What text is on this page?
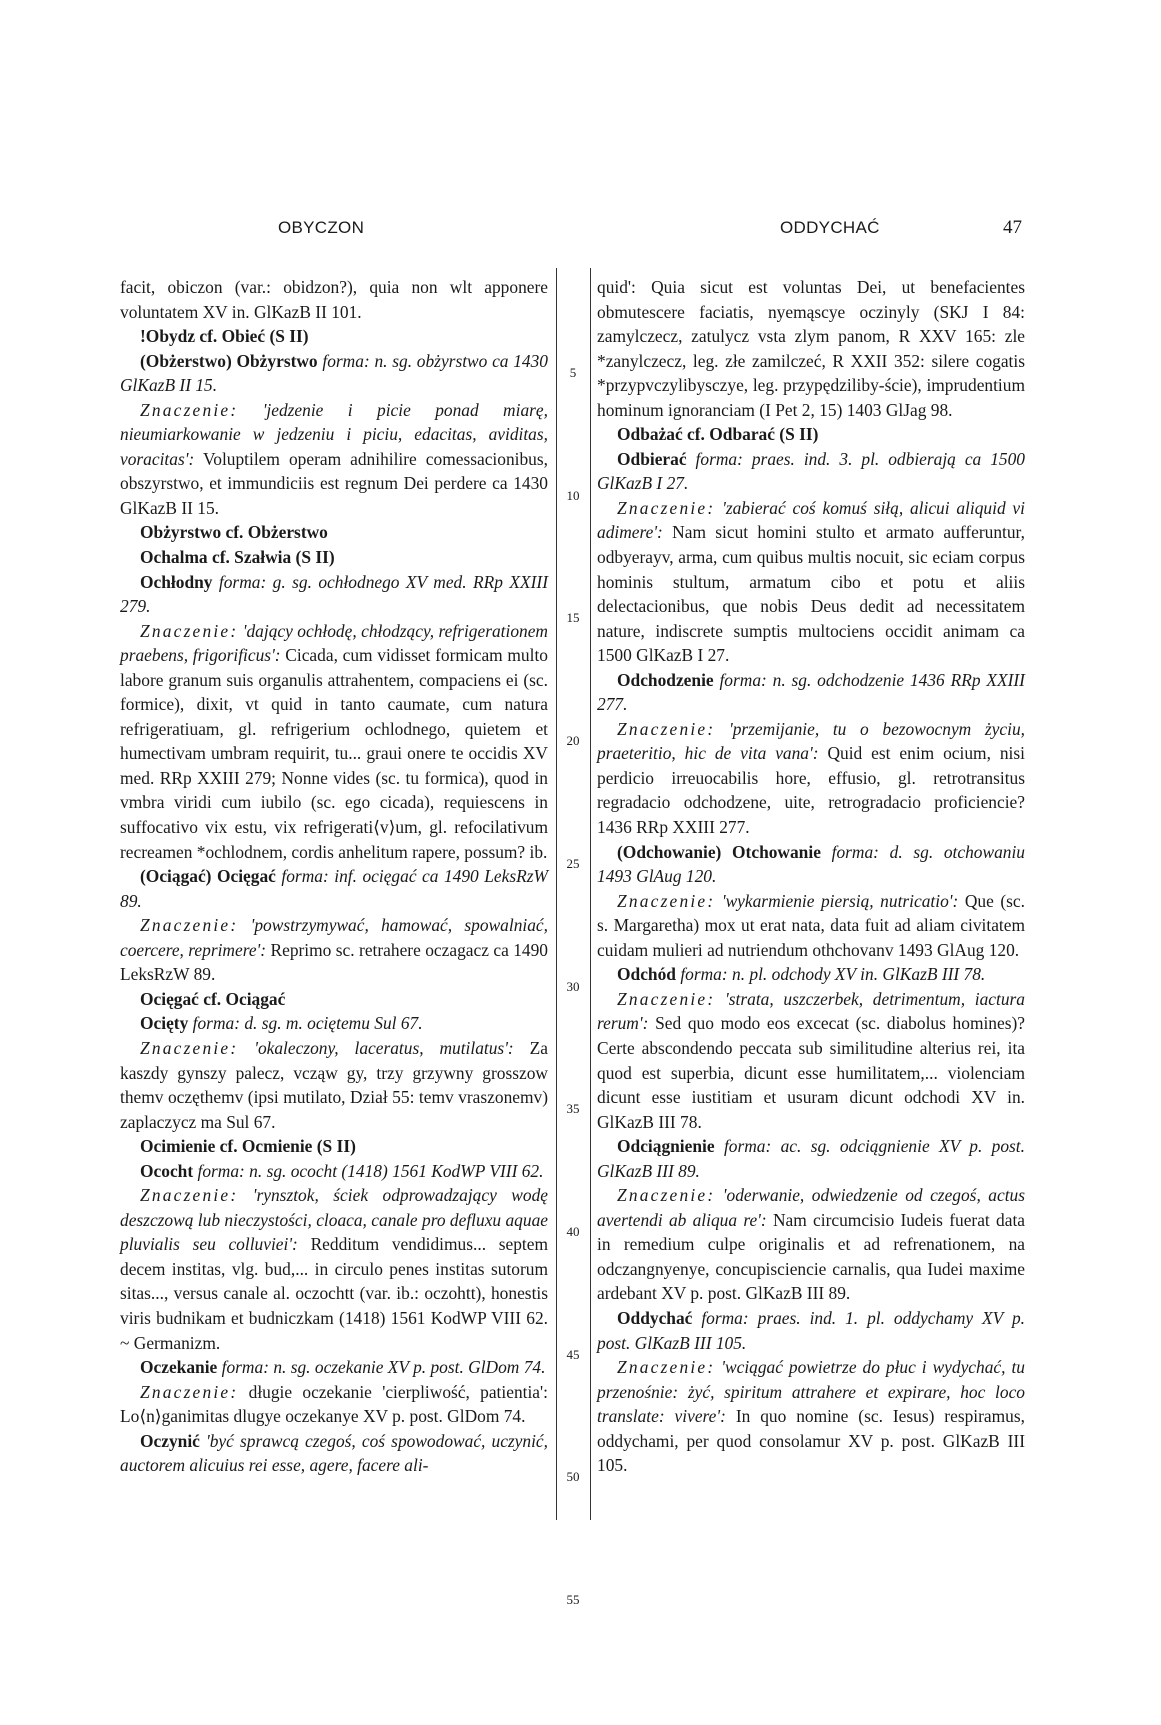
OBYCZON	ODDYCHAĆ	47
5
10
15
20
25
30
35
40
45
50
55

facit, obiczon (var.: obidzon?), quia non wlt apponere voluntatem XV in. GlKazB II 101.

!Obydz cf. Obieć (S II)

(Obżerstwo) Obżyrstwo forma: n. sg. obżyrstwo ca 1430 GlKazB II 15.

Znaczenie: 'jedzenie i picie ponad miarę, nieumiarkowanie w jedzeniu i piciu, edacitas, aviditas, voracitas': Voluptilem operam adnihilire comessacionibus, obszyrstwo, et immundiciis est regnum Dei perdere ca 1430 GlKazB II 15.

Obżyrstwo cf. Obżerstwo

Ochalma cf. Szałwia (S II)

Ochłodny forma: g. sg. ochłodnego XV med. RRp XXIII 279.

Znaczenie: 'dający ochłodę, chłodzący, refrigerationem praebens, frigorificus': Cicada, cum vidisset formicam multo labore granum suis organulis attrahentem, compaciens ei (sc. formice), dixit, vt quid in tanto caumate, cum natura refrigeratiuam, gl. refrigerium ochlodnego, quietem et humectivam umbram requirit, tu... graui onere te occidis XV med. RRp XXIII 279; Nonne vides (sc. tu formica), quod in vmbra viridi cum iubilo (sc. ego cicada), requiescens in suffocativo vix estu, vix refrigerati⟨v⟩um, gl. refocilativum recreamen *ochlodnem, cordis anhelitum rapere, possum? ib.

(Ociągać) Ocięgać forma: inf. ocięgać ca 1490 LeksRzW 89.

Znaczenie: 'powstrzymywać, hamować, spowalniać, coercere, reprimere': Reprimo sc. retrahere oczagacz ca 1490 LeksRzW 89.

Ocięgać cf. Ociągać

Ocięty forma: d. sg. m. ociętemu Sul 67.

Znaczenie: 'okaleczony, laceratus, mutilatus': Za kaszdy gynszy palecz, vcząw gy, trzy grzywny grosszow themv oczęthemv (ipsi mutilato, Dział 55: temv vraszonemv) zaplaczycz ma Sul 67.

Ocimienie cf. Ocmienie (S II)

Ococht forma: n. sg. ococht (1418) 1561 KodWP VIII 62.

Znaczenie: 'rynsztok, ściek odprowadzający wodę deszczową lub nieczystości, cloaca, canale pro defluxu aquae pluvialis seu colluviei': Redditum vendidimus... septem decem institas, vlg. bud,... in circulo penes institas sutorum sitas..., versus canale al. oczochtt (var. ib.: oczohtt), honestis viris budnikam et budniczkam (1418) 1561 KodWP VIII 62. ~ Germanizm.

Oczekanie forma: n. sg. oczekanie XV p. post. GlDom 74.

Znaczenie: długie oczekanie 'cierpliwość, patientia': Lo⟨n⟩ganimitas dlugye oczekanye XV p. post. GlDom 74.

Oczynić 'być sprawcą czegoś, coś spowodować, uczynić, auctorem alicuius rei esse, agere, facere ali-

quid': Quia sicut est voluntas Dei, ut benefacientes obmutescere faciatis, nyemąscye oczinyly (SKJ I 84: zamylczecz, zatulycz vsta zlym panom, R XXV 165: zle *zanylczecz, leg. złe zamilczeć, R XXII 352: silere cogatis *przypvczylibysczye, leg. przypędziliby-ście), imprudentium hominum ignoranciam (I Pet 2, 15) 1403 GlJag 98.

Odbażać cf. Odbarać (S II)

Odbierać forma: praes. ind. 3. pl. odbierają ca 1500 GlKazB I 27.

Znaczenie: 'zabierać coś komuś siłą, alicui aliquid vi adimere': Nam sicut homini stulto et armato aufferuntur, odbyerayv, arma, cum quibus multis nocuit, sic eciam corpus hominis stultum, armatum cibo et potu et aliis delectacionibus, que nobis Deus dedit ad necessitatem nature, indiscrete sumptis multociens occidit animam ca 1500 GlKazB I 27.

Odchodzenie forma: n. sg. odchodzenie 1436 RRp XXIII 277.

Znaczenie: 'przemijanie, tu o bezowocnym życiu, praeteritio, hic de vita vana': Quid est enim ocium, nisi perdicio irreuocabilis hore, effusio, gl. retrotransitus regradacio odchodzene, uite, retrogradacio proficiencie? 1436 RRp XXIII 277.

(Odchowanie) Otchowanie forma: d. sg. otchowaniu 1493 GlAug 120.

Znaczenie: 'wykarmienie piersią, nutricatio': Que (sc. s. Margaretha) mox ut erat nata, data fuit ad aliam civitatem cuidam mulieri ad nutriendum othchovanv 1493 GlAug 120.

Odchód forma: n. pl. odchody XV in. GlKazB III 78.

Znaczenie: 'strata, uszczerbek, detrimentum, iactura rerum': Sed quo modo eos excecat (sc. diabolus homines)? Certe abscondendo peccata sub similitudine alterius rei, ita quod est superbia, dicunt esse humilitatem,... violenciam dicunt esse iustitiam et usuram dicunt odchodi XV in. GlKazB III 78.

Odciągnienie forma: ac. sg. odciągnienie XV p. post. GlKazB III 89.

Znaczenie: 'oderwanie, odwiedzenie od czegoś, actus avertendi ab aliqua re': Nam circumcisio Iudeis fuerat data in remedium culpe originalis et ad refrenationem, na odczangnyenye, concupisciencie carnalis, qua Iudei maxime ardebant XV p. post. GlKazB III 89.

Oddychać forma: praes. ind. 1. pl. oddychamy XV p. post. GlKazB III 105.

Znaczenie: 'wciągać powietrze do płuc i wydychać, tu przenośnie: żyć, spiritum attrahere et expirare, hoc loco translate: vivere': In quo nomine (sc. Iesus) respiramus, oddychami, per quod consolamur XV p. post. GlKazB III 105.
